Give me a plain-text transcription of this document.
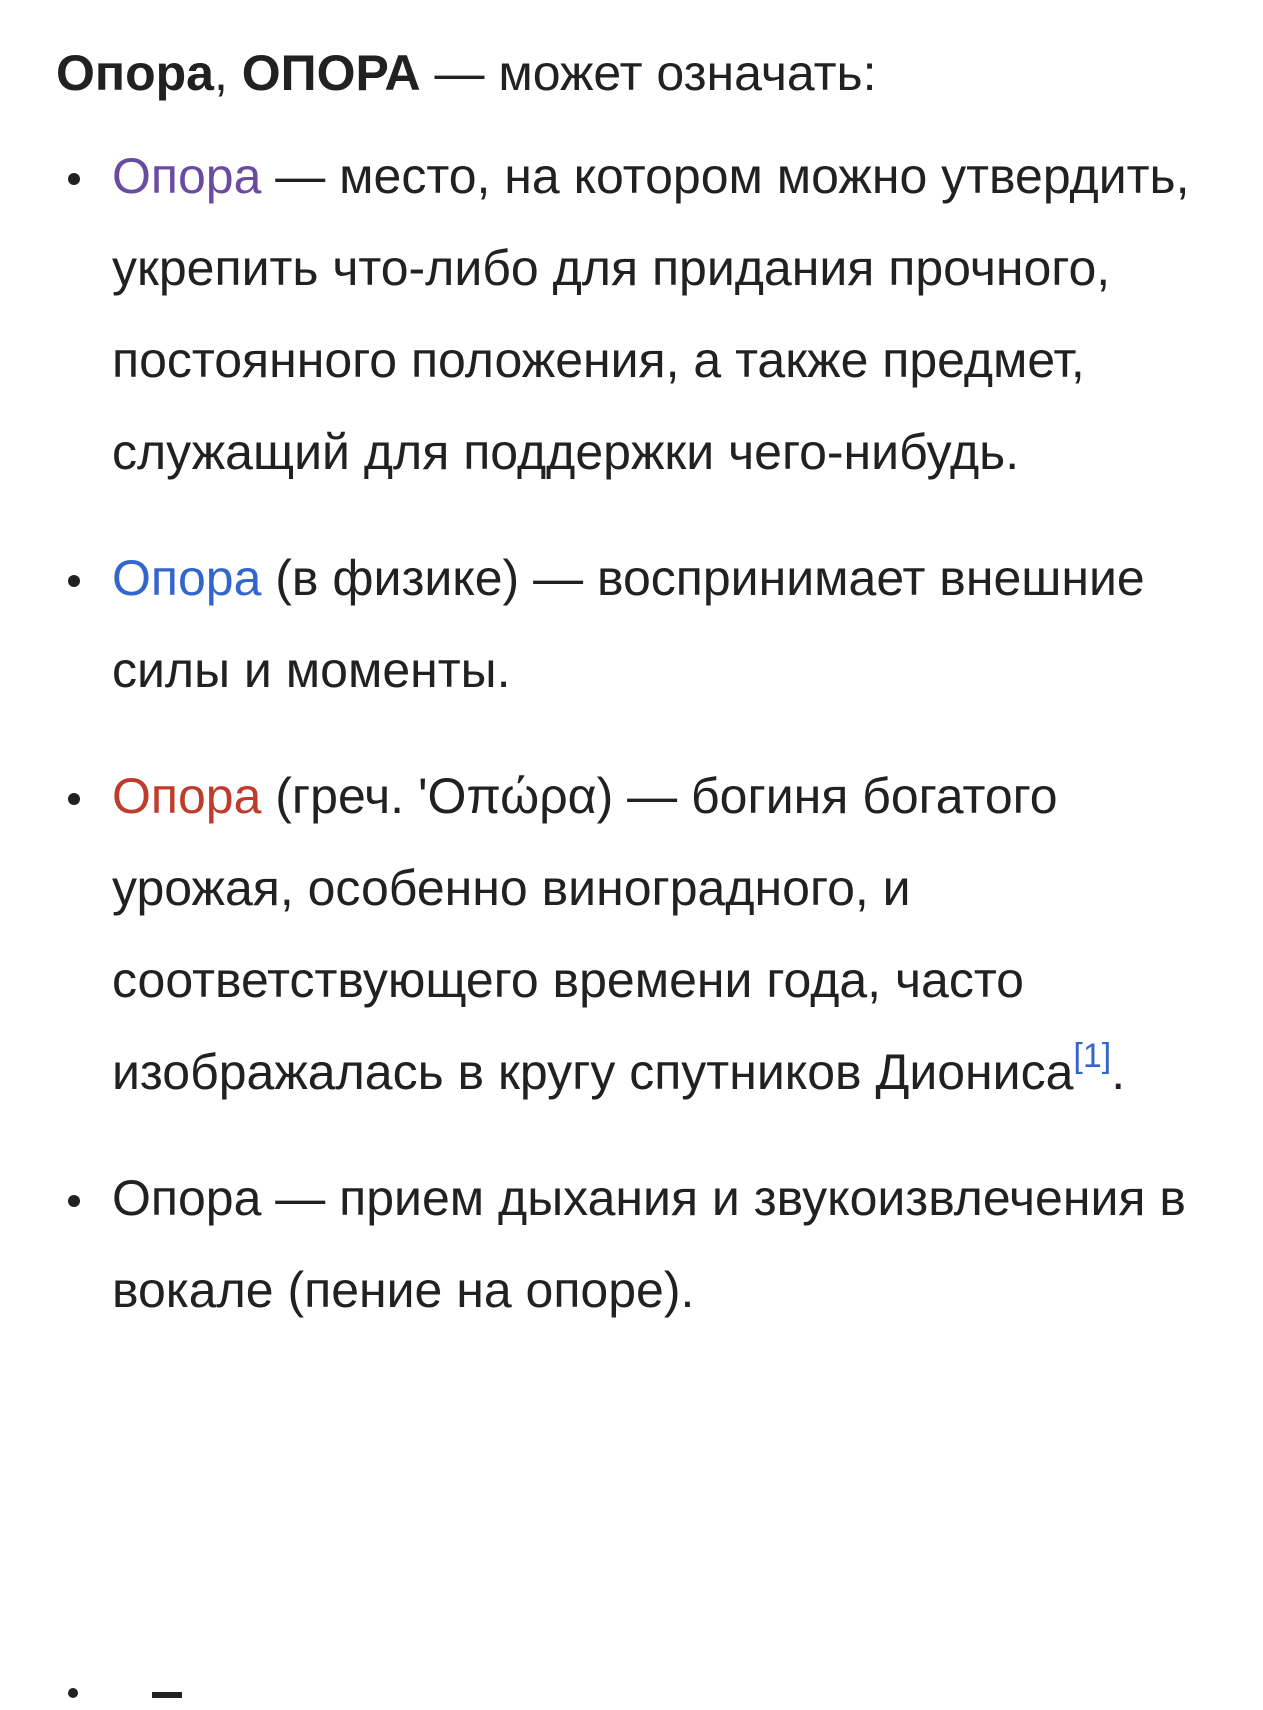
Опора, ОПОРА — может означать:

Опора — место, на котором можно утвердить, укрепить что-либо для придания прочного, постоянного положения, а также предмет, служащий для поддержки чего-нибудь.
Опора (в физике) — воспринимает внешние силы и моменты.
Опора (греч. 'Οπώρα) — богиня богатого урожая, особенно виноградного, и соответствующего времени года, часто изображалась в кругу спутников Диониса[1].
Опора — прием дыхания и звукоизвлечения в вокале (пение на опоре).
